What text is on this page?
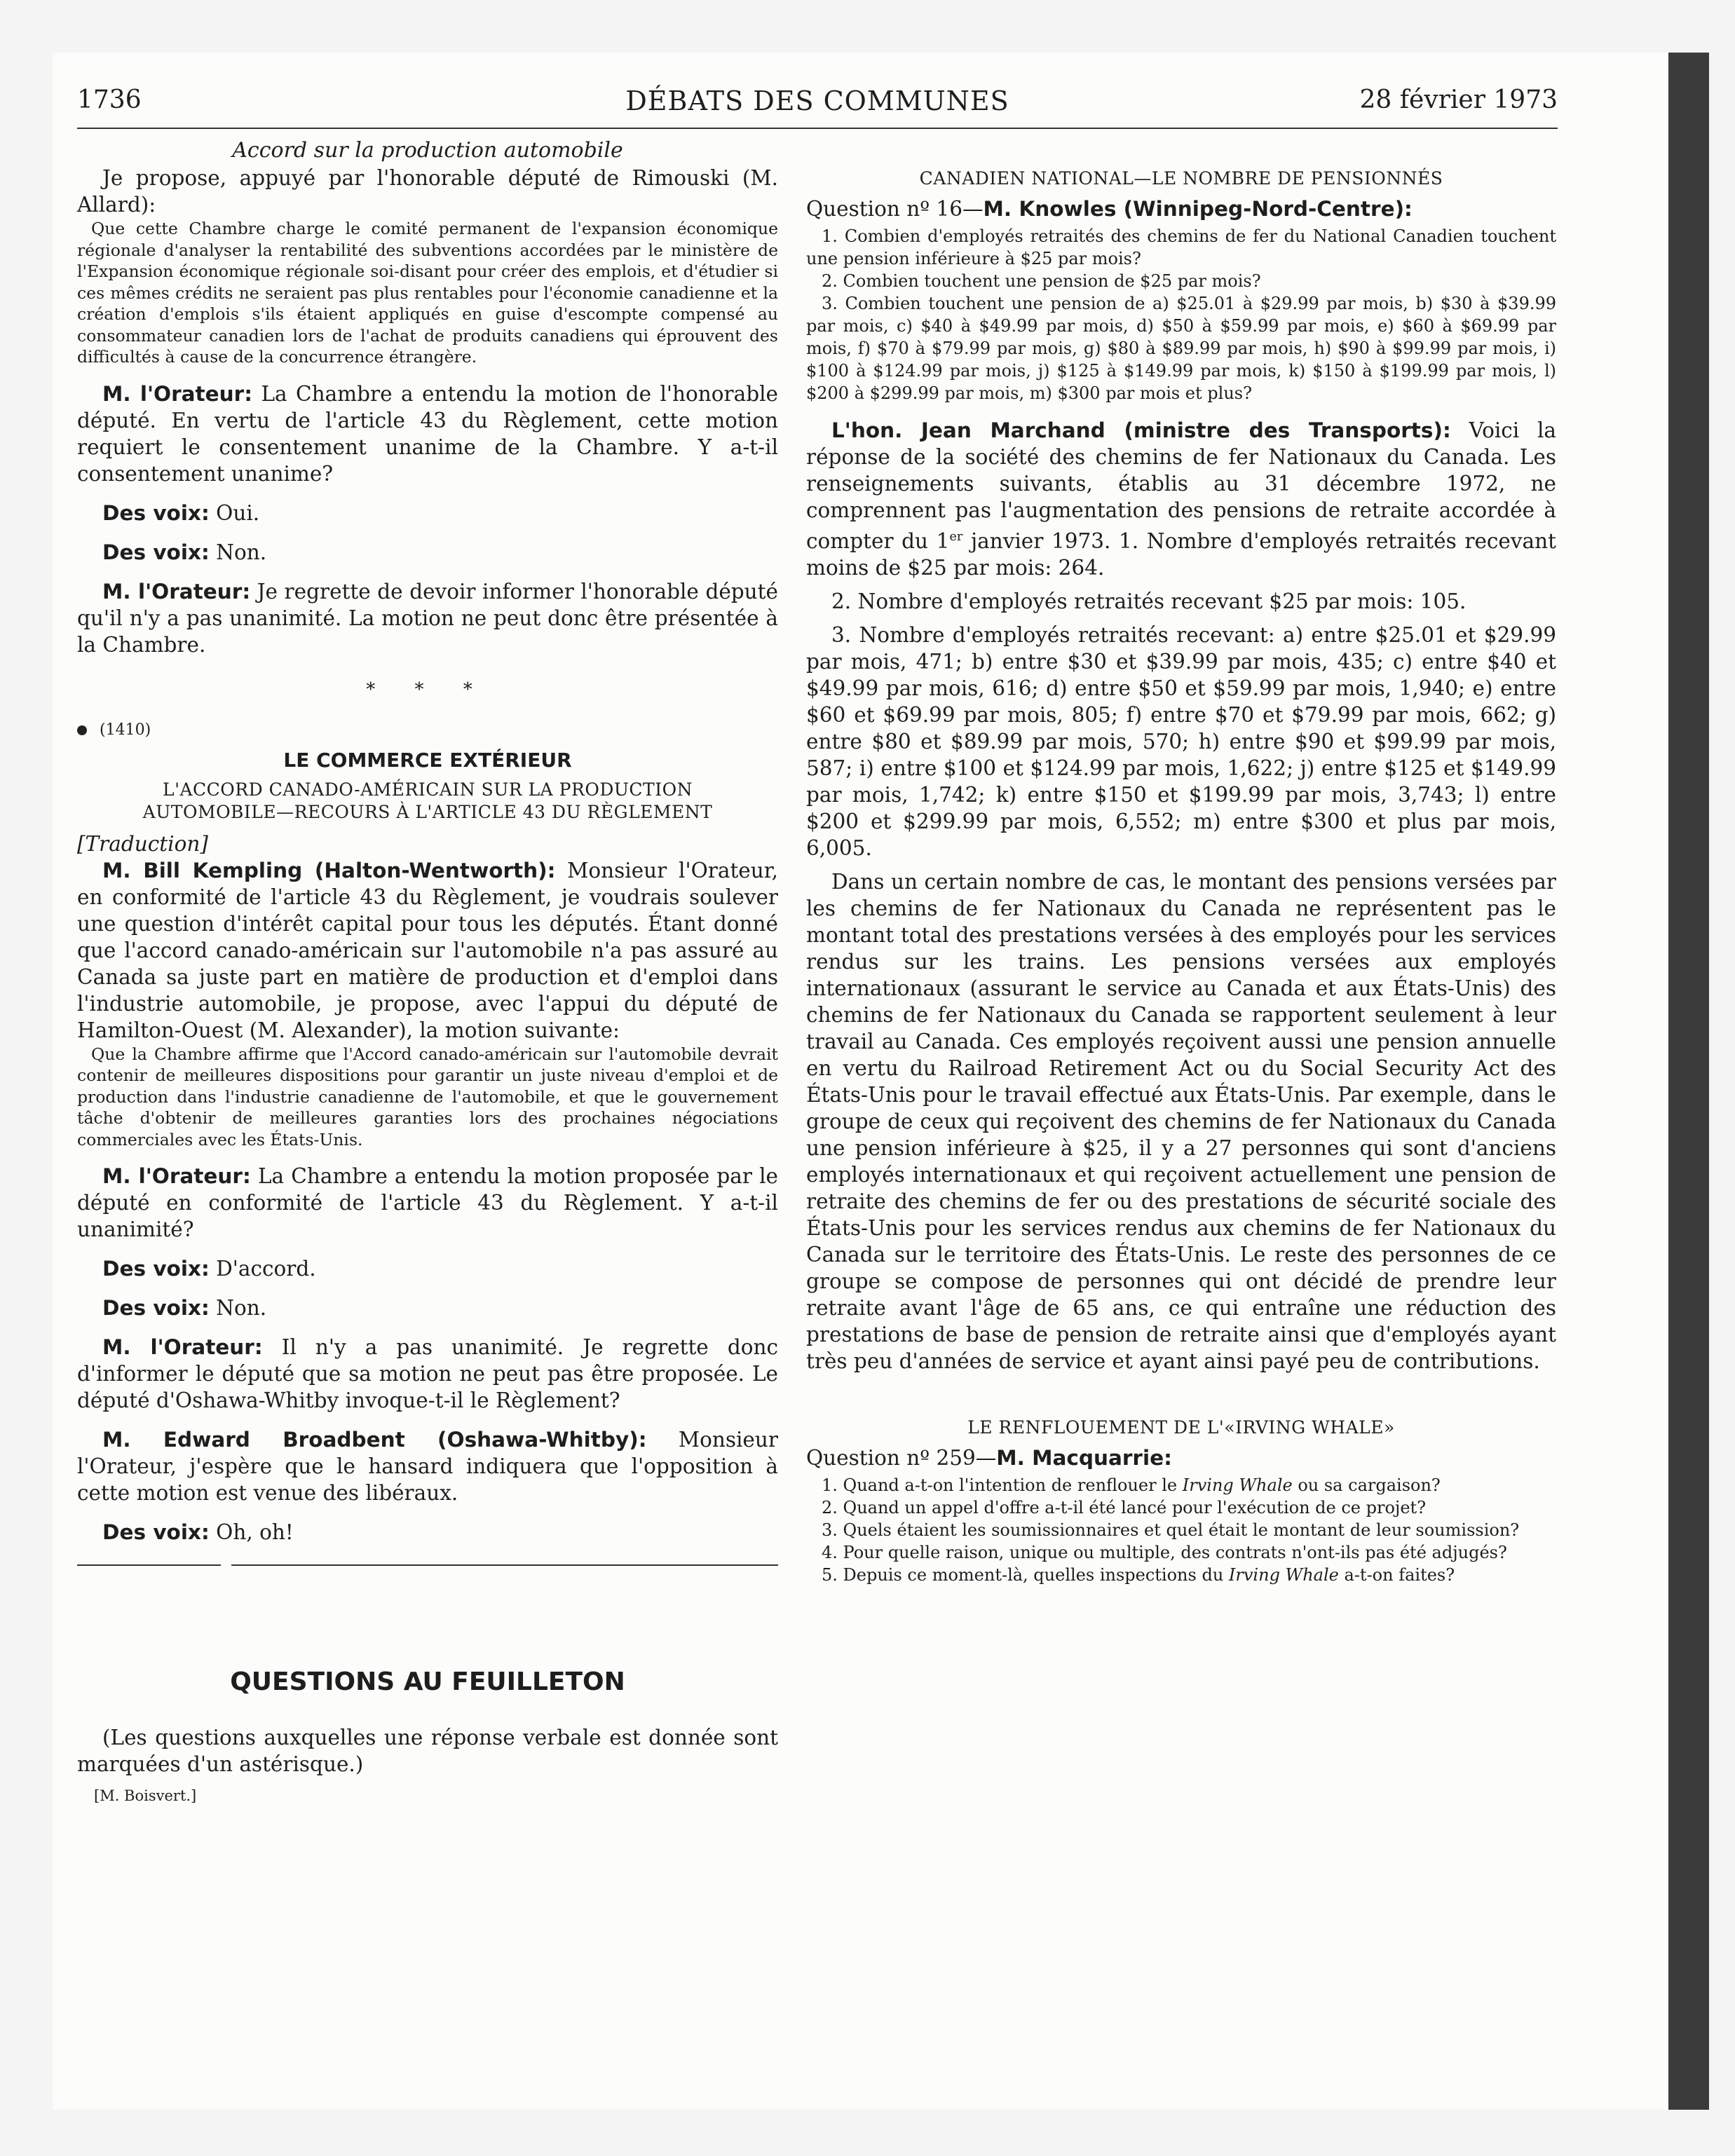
1736	DÉBATS DES COMMUNES	28 février 1973

Accord sur la production automobile

Je propose, appuyé par l'honorable député de Rimouski (M. Allard):

Que cette Chambre charge le comité permanent de l'expansion économique régionale d'analyser la rentabilité des subventions accordées par le ministère de l'Expansion économique régionale soi-disant pour créer des emplois, et d'étudier si ces mêmes crédits ne seraient pas plus rentables pour l'économie canadienne et la création d'emplois s'ils étaient appliqués en guise d'escompte compensé au consommateur canadien lors de l'achat de produits canadiens qui éprouvent des difficultés à cause de la concurrence étrangère.

M. l'Orateur: La Chambre a entendu la motion de l'honorable député. En vertu de l'article 43 du Règlement, cette motion requiert le consentement unanime de la Chambre. Y a-t-il consentement unanime?

Des voix: Oui.

Des voix: Non.

M. l'Orateur: Je regrette de devoir informer l'honorable député qu'il n'y a pas unanimité. La motion ne peut donc être présentée à la Chambre.

* * *

(1410)

LE COMMERCE EXTÉRIEUR

L'ACCORD CANADO-AMÉRICAIN SUR LA PRODUCTION

AUTOMOBILE—RECOURS À L'ARTICLE 43 DU RÈGLEMENT

[Traduction]

M. Bill Kempling (Halton-Wentworth): Monsieur l'Orateur, en conformité de l'article 43 du Règlement, je voudrais soulever une question d'intérêt capital pour tous les députés. Étant donné que l'accord canado-américain sur l'automobile n'a pas assuré au Canada sa juste part en matière de production et d'emploi dans l'industrie automobile, je propose, avec l'appui du député de Hamilton-Ouest (M. Alexander), la motion suivante:

Que la Chambre affirme que l'Accord canado-américain sur l'automobile devrait contenir de meilleures dispositions pour garantir un juste niveau d'emploi et de production dans l'industrie canadienne de l'automobile, et que le gouvernement tâche d'obtenir de meilleures garanties lors des prochaines négociations commerciales avec les États-Unis.

M. l'Orateur: La Chambre a entendu la motion proposée par le député en conformité de l'article 43 du Règlement. Y a-t-il unanimité?

Des voix: D'accord.

Des voix: Non.

M. l'Orateur: Il n'y a pas unanimité. Je regrette donc d'informer le député que sa motion ne peut pas être proposée. Le député d'Oshawa-Whitby invoque-t-il le Règlement?

M. Edward Broadbent (Oshawa-Whitby): Monsieur l'Orateur, j'espère que le hansard indiquera que l'opposition à cette motion est venue des libéraux.

Des voix: Oh, oh!

QUESTIONS AU FEUILLETON

(Les questions auxquelles une réponse verbale est donnée sont marquées d'un astérisque.)

[M. Boisvert.]

CANADIEN NATIONAL—LE NOMBRE DE PENSIONNÉS

Question nº 16—M. Knowles (Winnipeg-Nord-Centre):

1. Combien d'employés retraités des chemins de fer du National Canadien touchent une pension inférieure à $25 par mois?

2. Combien touchent une pension de $25 par mois?

3. Combien touchent une pension de a) $25.01 à $29.99 par mois, b) $30 à $39.99 par mois, c) $40 à $49.99 par mois, d) $50 à $59.99 par mois, e) $60 à $69.99 par mois, f) $70 à $79.99 par mois, g) $80 à $89.99 par mois, h) $90 à $99.99 par mois, i) $100 à $124.99 par mois, j) $125 à $149.99 par mois, k) $150 à $199.99 par mois, l) $200 à $299.99 par mois, m) $300 par mois et plus?

L'hon. Jean Marchand (ministre des Transports): Voici la réponse de la société des chemins de fer Nationaux du Canada. Les renseignements suivants, établis au 31 décembre 1972, ne comprennent pas l'augmentation des pensions de retraite accordée à compter du 1er janvier 1973. 1. Nombre d'employés retraités recevant moins de $25 par mois: 264.

2. Nombre d'employés retraités recevant $25 par mois: 105.

3. Nombre d'employés retraités recevant: a) entre $25.01 et $29.99 par mois, 471; b) entre $30 et $39.99 par mois, 435; c) entre $40 et $49.99 par mois, 616; d) entre $50 et $59.99 par mois, 1,940; e) entre $60 et $69.99 par mois, 805; f) entre $70 et $79.99 par mois, 662; g) entre $80 et $89.99 par mois, 570; h) entre $90 et $99.99 par mois, 587; i) entre $100 et $124.99 par mois, 1,622; j) entre $125 et $149.99 par mois, 1,742; k) entre $150 et $199.99 par mois, 3,743; l) entre $200 et $299.99 par mois, 6,552; m) entre $300 et plus par mois, 6,005.

Dans un certain nombre de cas, le montant des pensions versées par les chemins de fer Nationaux du Canada ne représentent pas le montant total des prestations versées à des employés pour les services rendus sur les trains. Les pensions versées aux employés internationaux (assurant le service au Canada et aux États-Unis) des chemins de fer Nationaux du Canada se rapportent seulement à leur travail au Canada. Ces employés reçoivent aussi une pension annuelle en vertu du Railroad Retirement Act ou du Social Security Act des États-Unis pour le travail effectué aux États-Unis. Par exemple, dans le groupe de ceux qui reçoivent des chemins de fer Nationaux du Canada une pension inférieure à $25, il y a 27 personnes qui sont d'anciens employés internationaux et qui reçoivent actuellement une pension de retraite des chemins de fer ou des prestations de sécurité sociale des États-Unis pour les services rendus aux chemins de fer Nationaux du Canada sur le territoire des États-Unis. Le reste des personnes de ce groupe se compose de personnes qui ont décidé de prendre leur retraite avant l'âge de 65 ans, ce qui entraîne une réduction des prestations de base de pension de retraite ainsi que d'employés ayant très peu d'années de service et ayant ainsi payé peu de contributions.

LE RENFLOUEMENT DE L'«IRVING WHALE»

Question nº 259—M. Macquarrie:

1. Quand a-t-on l'intention de renflouer le Irving Whale ou sa cargaison?

2. Quand un appel d'offre a-t-il été lancé pour l'exécution de ce projet?

3. Quels étaient les soumissionnaires et quel était le montant de leur soumission?

4. Pour quelle raison, unique ou multiple, des contrats n'ont-ils pas été adjugés?

5. Depuis ce moment-là, quelles inspections du Irving Whale a-t-on faites?
